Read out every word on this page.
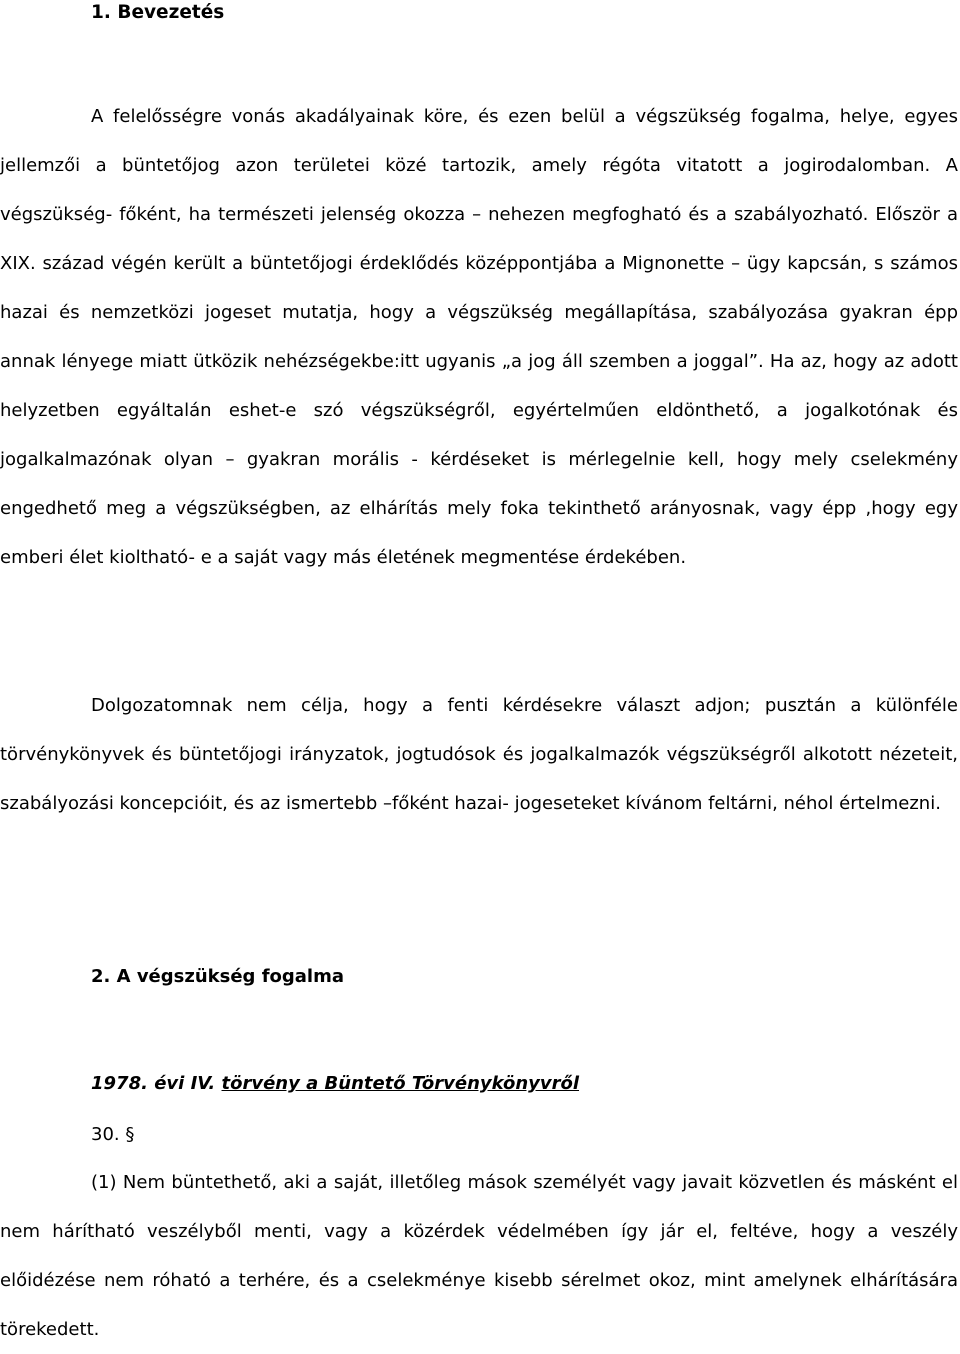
1. Bevezetés

A felelősségre vonás akadályainak köre, és ezen belül a végszükség fogalma, helye, egyes jellemzői a büntetőjog azon területei közé tartozik, amely régóta vitatott a jogirodalomban. A végszükség- főként, ha természeti jelenség okozza – nehezen megfogható és a szabályozható. Először a XIX. század végén került a büntetőjogi érdeklődés középpontjába a Mignonette – ügy kapcsán, s számos hazai és nemzetközi jogeset mutatja, hogy a végszükség megállapítása, szabályozása gyakran épp annak lényege miatt ütközik nehézségekbe:itt ugyanis „a jog áll szemben a joggal”. Ha az, hogy az adott helyzetben egyáltalán eshet-e szó végszükségről, egyértelműen eldönthető, a jogalkotónak és jogalkalmazónak olyan – gyakran morális - kérdéseket is mérlegelnie kell, hogy mely cselekmény engedhető meg a végszükségben, az elhárítás mely foka tekinthető arányosnak, vagy épp ,hogy egy emberi élet kioltható- e a saját vagy más életének megmentése érdekében.

Dolgozatomnak nem célja, hogy a fenti kérdésekre választ adjon; pusztán a különféle törvénykönyvek és büntetőjogi irányzatok, jogtudósok és jogalkalmazók végszükségről alkotott nézeteit, szabályozási koncepcióit, és az ismertebb –főként hazai- jogeseteket kívánom feltárni, néhol értelmezni.

2. A végszükség fogalma

1978. évi IV. törvény a Büntető Törvénykönyvről

30. §

(1) Nem büntethető, aki a saját, illetőleg mások személyét vagy javait közvetlen és másként el nem hárítható veszélyből menti, vagy a közérdek védelmében így jár el, feltéve, hogy a veszély előidézése nem róható a terhére, és a cselekménye kisebb sérelmet okoz, mint amelynek elhárítására törekedett.
